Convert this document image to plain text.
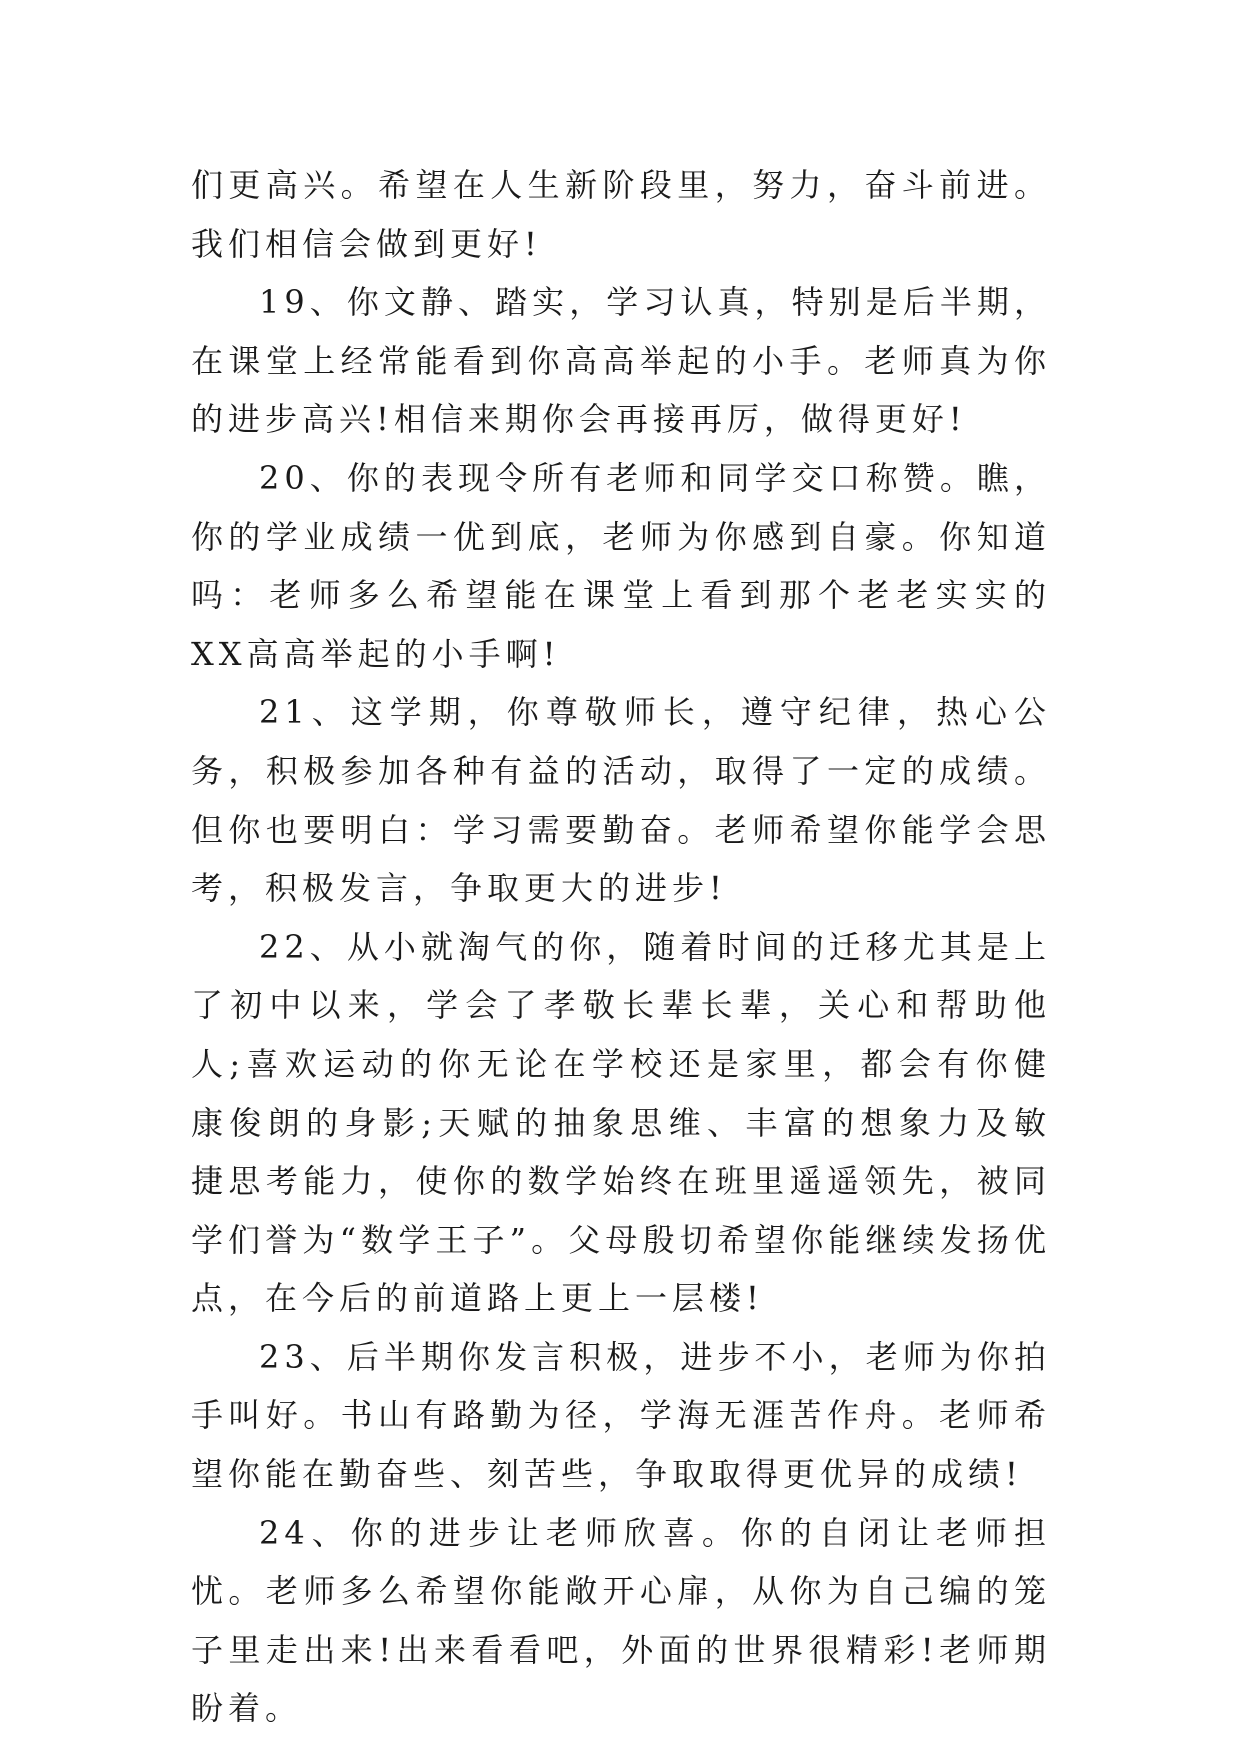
们更高兴。希望在人生新阶段里，努力，奋斗前进。我们相信会做到更好!

19、你文静、踏实，学习认真，特别是后半期，在课堂上经常能看到你高高举起的小手。老师真为你的进步高兴!相信来期你会再接再厉，做得更好!

20、你的表现令所有老师和同学交口称赞。瞧，你的学业成绩一优到底，老师为你感到自豪。你知道吗：老师多么希望能在课堂上看到那个老老实实的XX高高举起的小手啊!

21、这学期，你尊敬师长，遵守纪律，热心公务，积极参加各种有益的活动，取得了一定的成绩。但你也要明白：学习需要勤奋。老师希望你能学会思考，积极发言，争取更大的进步!

22、从小就淘气的你，随着时间的迁移尤其是上了初中以来，学会了孝敬长辈长辈，关心和帮助他人;喜欢运动的你无论在学校还是家里，都会有你健康俊朗的身影;天赋的抽象思维、丰富的想象力及敏捷思考能力，使你的数学始终在班里遥遥领先，被同学们誉为“数学王子”。父母殷切希望你能继续发扬优点，在今后的前道路上更上一层楼!

23、后半期你发言积极，进步不小，老师为你拍手叫好。书山有路勤为径，学海无涯苦作舟。老师希望你能在勤奋些、刻苦些，争取取得更优异的成绩!

24、你的进步让老师欣喜。你的自闭让老师担忧。老师多么希望你能敞开心扉，从你为自己编的笼子里走出来!出来看看吧，外面的世界很精彩!老师期盼着。
